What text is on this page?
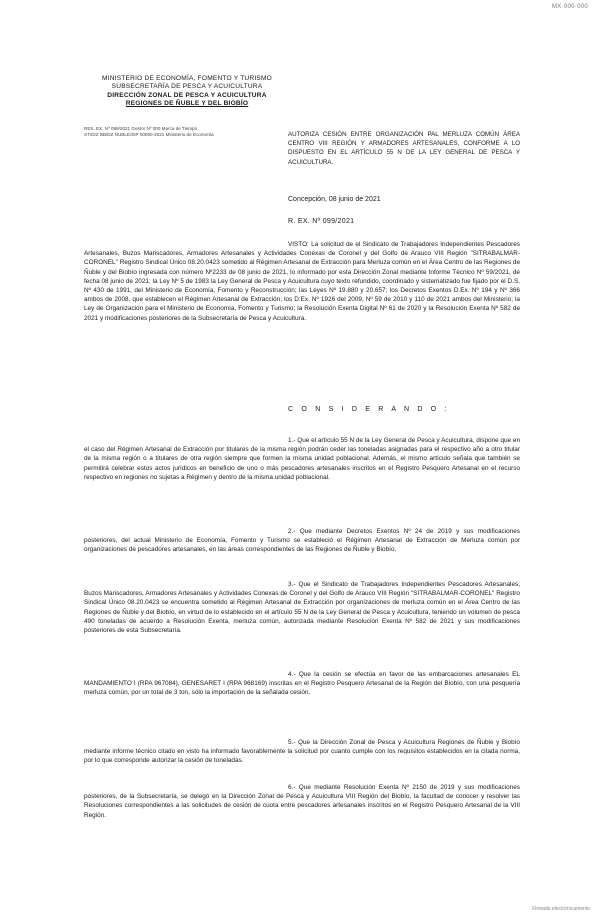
MX·000·000
MINISTERIO DE ECONOMÍA, FOMENTO Y TURISMO
SUBSECRETARÍA DE PESCA Y ACUICULTURA
DIRECCIÓN ZONAL DE PESCA Y ACUICULTURA
REGIONES DE ÑUBLE Y DEL BIOBÍO
RES. EX. Nº 099/2021 Gestor Nº 000 Marca de Tiempo
STI/DZ BB/DZ ÑUBLE/SIP 00000-2021 Ministerio de Economía	AUTORIZA CESIÓN ENTRE ORGANIZACIÓN PAL MERLUZA COMÚN ÁREA CENTRO VIII REGIÓN Y ARMADORES ARTESANALES, CONFORME A LO DISPUESTO EN EL ARTÍCULO 55 N DE LA LEY GENERAL DE PESCA Y ACUICULTURA.
Concepción, 08 junio de 2021
R. EX. Nº 099/2021
VISTO: La solicitud de el Sindicato de Trabajadores Independientes Pescadores Artesanales, Buzos Mariscadores, Armadores Artesanales y Actividades Conexas de Coronel y del Golfo de Arauco VIII Región "SITRABALMAR-CORONEL" Registro Sindical Único 08.20.0423 sometido al Régimen Artesanal de Extracción para Merluza común en el Área Centro de las Regiones de Ñuble y del Biobío ingresada con número Nº2233 de 08 junio de 2021, lo informado por esta Dirección Zonal mediante Informe Técnico Nº 59/2021, de fecha 08 junio de 2021; la Ley Nº 5 de 1983 la Ley General de Pesca y Acuicultura cuyo texto refundido, coordinado y sistematizado fue fijado por el D.S. Nº 430 de 1991, del Ministerio de Economía, Fomento y Reconstrucción; las Leyes Nº 19.880 y 20.657; los Decretos Exentos D.Ex. Nº 194 y Nº 366 ambos de 2008, que establecen el Régimen Artesanal de Extracción; los D.Ex. Nº 1926 del 2009, Nº 59 de 2010 y 110 de 2021 ambos del Ministerio; la Ley de Organización para el Ministerio de Economía, Fomento y Turismo; la Resolución Exenta Digital Nº 61 de 2020 y la Resolución Exenta Nº 582 de 2021 y modificaciones posteriores de la Subsecretaría de Pesca y Acuicultura.
C O N S I D E R A N D O :
1.- Que el artículo 55 N de la Ley General de Pesca y Acuicultura, dispone que en el caso del Régimen Artesanal de Extracción por titulares de la misma región podrán ceder las toneladas asignadas para el respectivo año a otro titular de la misma región o a titulares de otra región siempre que formen la misma unidad poblacional. Además, el mismo artículo señala que también se permitirá celebrar estos actos jurídicos en beneficio de uno o más pescadores artesanales inscritos en el Registro Pesquero Artesanal en el recurso respectivo en regiones no sujetas a Régimen y dentro de la misma unidad poblacional.
2.- Que mediante Decretos Exentos Nº 24 de 2019 y sus modificaciones posteriores, del actual Ministerio de Economía, Fomento y Turismo se estableció el Régimen Artesanal de Extracción de Merluza común por organizaciones de pescadores artesanales, en las áreas correspondientes de las Regiones de Ñuble y Biobío.
3.- Que el Sindicato de Trabajadores Independientes Pescadores Artesanales, Buzos Mariscadores, Armadores Artesanales y Actividades Conexas de Coronel y del Golfo de Arauco VIII Región "SITRABALMAR-CORONEL" Registro Sindical Único 08.20.0423 se encuentra sometido al Régimen Artesanal de Extracción por organizaciones de merluza común en el Área Centro de las Regiones de Ñuble y del Biobío, en virtud de lo establecido en el artículo 55 N de la Ley General de Pesca y Acuicultura, teniendo un volumen de pesca 490 toneladas de acuerdo a Resolución Exenta, merluza común, autorizada mediante Resolución Exenta Nº 582 de 2021 y sus modificaciones posteriores de esta Subsecretaría.
4.- Que la cesión se efectúa en favor de las embarcaciones artesanales EL MANDAMIENTO I (RPA 967084), GENESARET I (RPA 968169) inscritas en el Registro Pesquero Artesanal de la Región del Biobío, con una pesquería merluza común, por un total de 3 ton, sólo la importación de la señalada cesión.
5.- Que la Dirección Zonal de Pesca y Acuicultura Regiones de Ñuble y Biobío mediante informe técnico citado en visto ha informado favorablemente la solicitud por cuanto cumple con los requisitos establecidos en la citada norma, por lo que corresponde autorizar la cesión de toneladas.
6.- Que mediante Resolución Exenta Nº 2150 de 2019 y sus modificaciones posteriores, de la Subsecretaría, se delegó en la Dirección Zonal de Pesca y Acuicultura VIII Región del Biobío, la facultad de conocer y resolver las Resoluciones correspondientes a las solicitudes de cesión de cuota entre pescadores artesanales inscritos en el Registro Pesquero Artesanal de la VIII Región.
Firmado electrónicamente
